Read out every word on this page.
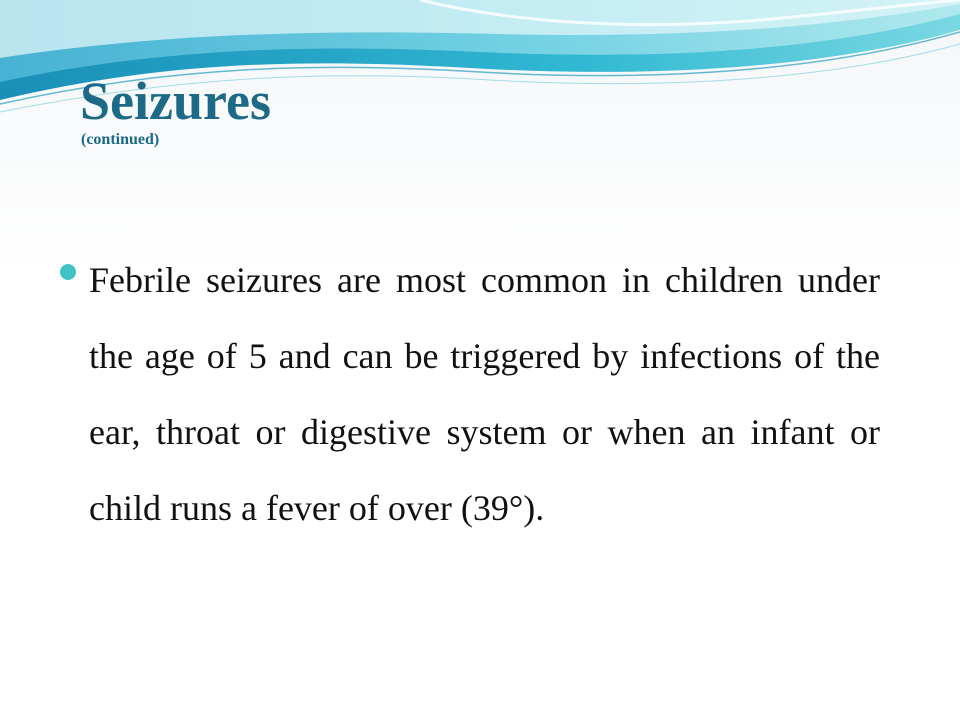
Seizures

(continued)

Febrile seizures are most common in children under the age of 5 and can be triggered by infections of the ear, throat or digestive system or when an infant or child runs a fever of over (39°).
